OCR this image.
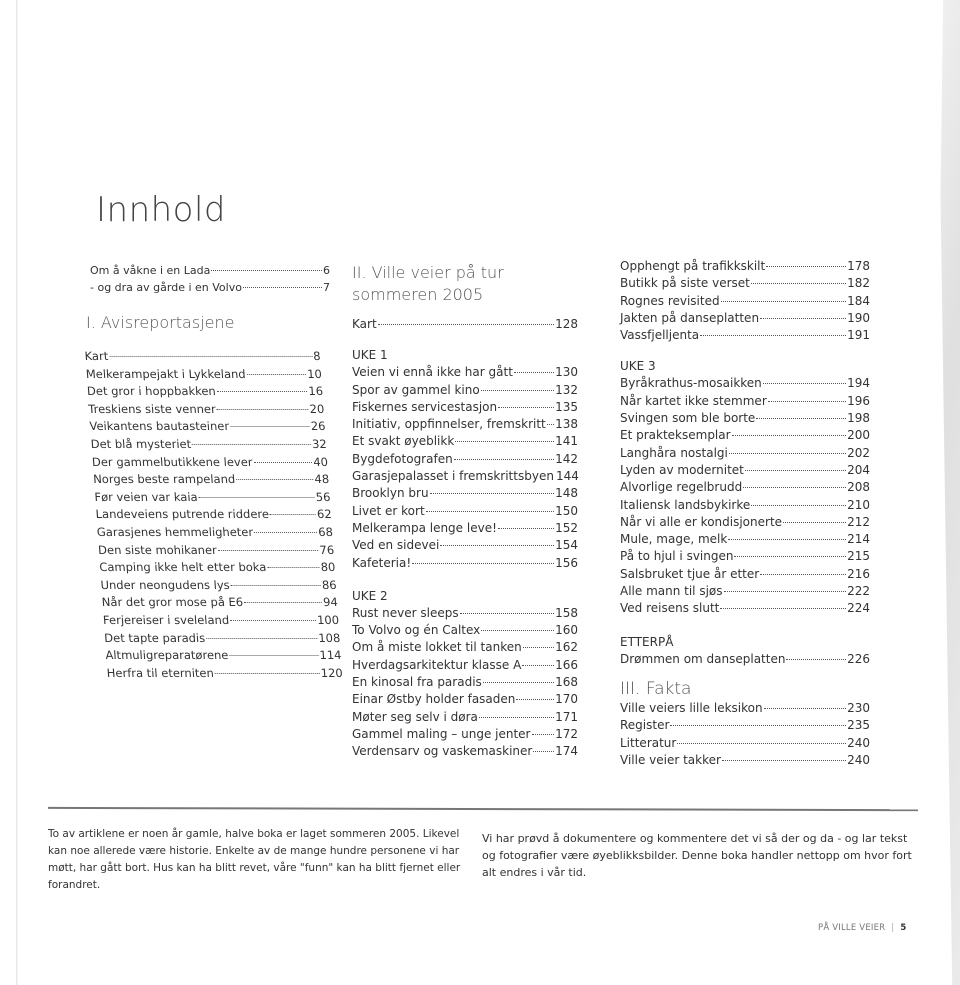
Innhold
Om å våkne i en Lada	6
- og dra av gårde i en Volvo	7
I. Avisreportasjene
Kart	8
Melkerampejakt i Lykkeland	10
Det gror i hoppbakken	16
Treskiens siste venner	20
Veikantens bautasteiner	26
Det blå mysteriet	32
Der gammelbutikkene lever	40
Norges beste rampeland	48
Før veien var kaia	56
Landeveiens putrende riddere	62
Garasjenes hemmeligheter	68
Den siste mohikaner	76
Camping ikke helt etter boka	80
Under neongudens lys	86
Når det gror mose på E6	94
Ferjereiser i sveleland	100
Det tapte paradis	108
Altmuligreparatørene	114
Herfra til eterniten	120
II. Ville veier på tur
sommeren 2005
Kart	128
UKE 1
Veien vi ennå ikke har gått	130
Spor av gammel kino	132
Fiskernes servicestasjon	135
Initiativ, oppfinnelser, fremskritt 138
Et svakt øyeblikk	141
Bygdefotografen	142
Garasjepalasset i fremskrittsbyen 144
Brooklyn bru	148
Livet er kort	150
Melkerampa lenge leve!	152
Ved en sidevei	154
Kafeteria!	156
UKE 2
Rust never sleeps	158
To Volvo og én Caltex	160
Om å miste lokket til tanken	162
Hverdagsarkitektur klasse A	166
En kinosal fra paradis	168
Einar Østby holder fasaden	170
Møter seg selv i døra	171
Gammel maling – unge jenter 172
Verdensarv og vaskemaskiner 174
Opphengt på trafikkskilt	178
Butikk på siste verset	182
Rognes revisited	184
Jakten på danseplatten	190
Vassfjelljenta	191
UKE 3
Byråkrathus-mosaikken	194
Når kartet ikke stemmer	196
Svingen som ble borte	198
Et prakteksemplar	200
Langhåra nostalgi	202
Lyden av modernitet	204
Alvorlige regelbrudd	208
Italiensk landsbykirke	210
Når vi alle er kondisjonerte	212
Mule, mage, melk	214
På to hjul i svingen	215
Salsbruket tjue år etter	216
Alle mann til sjøs	222
Ved reisens slutt	224
ETTERPÅ
Drømmen om danseplatten	226
III. Fakta
Ville veiers lille leksikon	230
Register	235
Litteratur	240
Ville veier takker	240

To av artiklene er noen år gamle, halve boka er laget sommeren 2005. Likevel kan noe allerede være historie. Enkelte av de mange hundre personene vi har møtt, har gått bort. Hus kan ha blitt revet, våre "funn" kan ha blitt fjernet eller forandret.

Vi har prøvd å dokumentere og kommentere det vi så der og da - og lar tekst og fotografier være øyeblikksbilder. Denne boka handler nettopp om hvor fort alt endres i vår tid.

PÅ VILLE VEIER | 5
